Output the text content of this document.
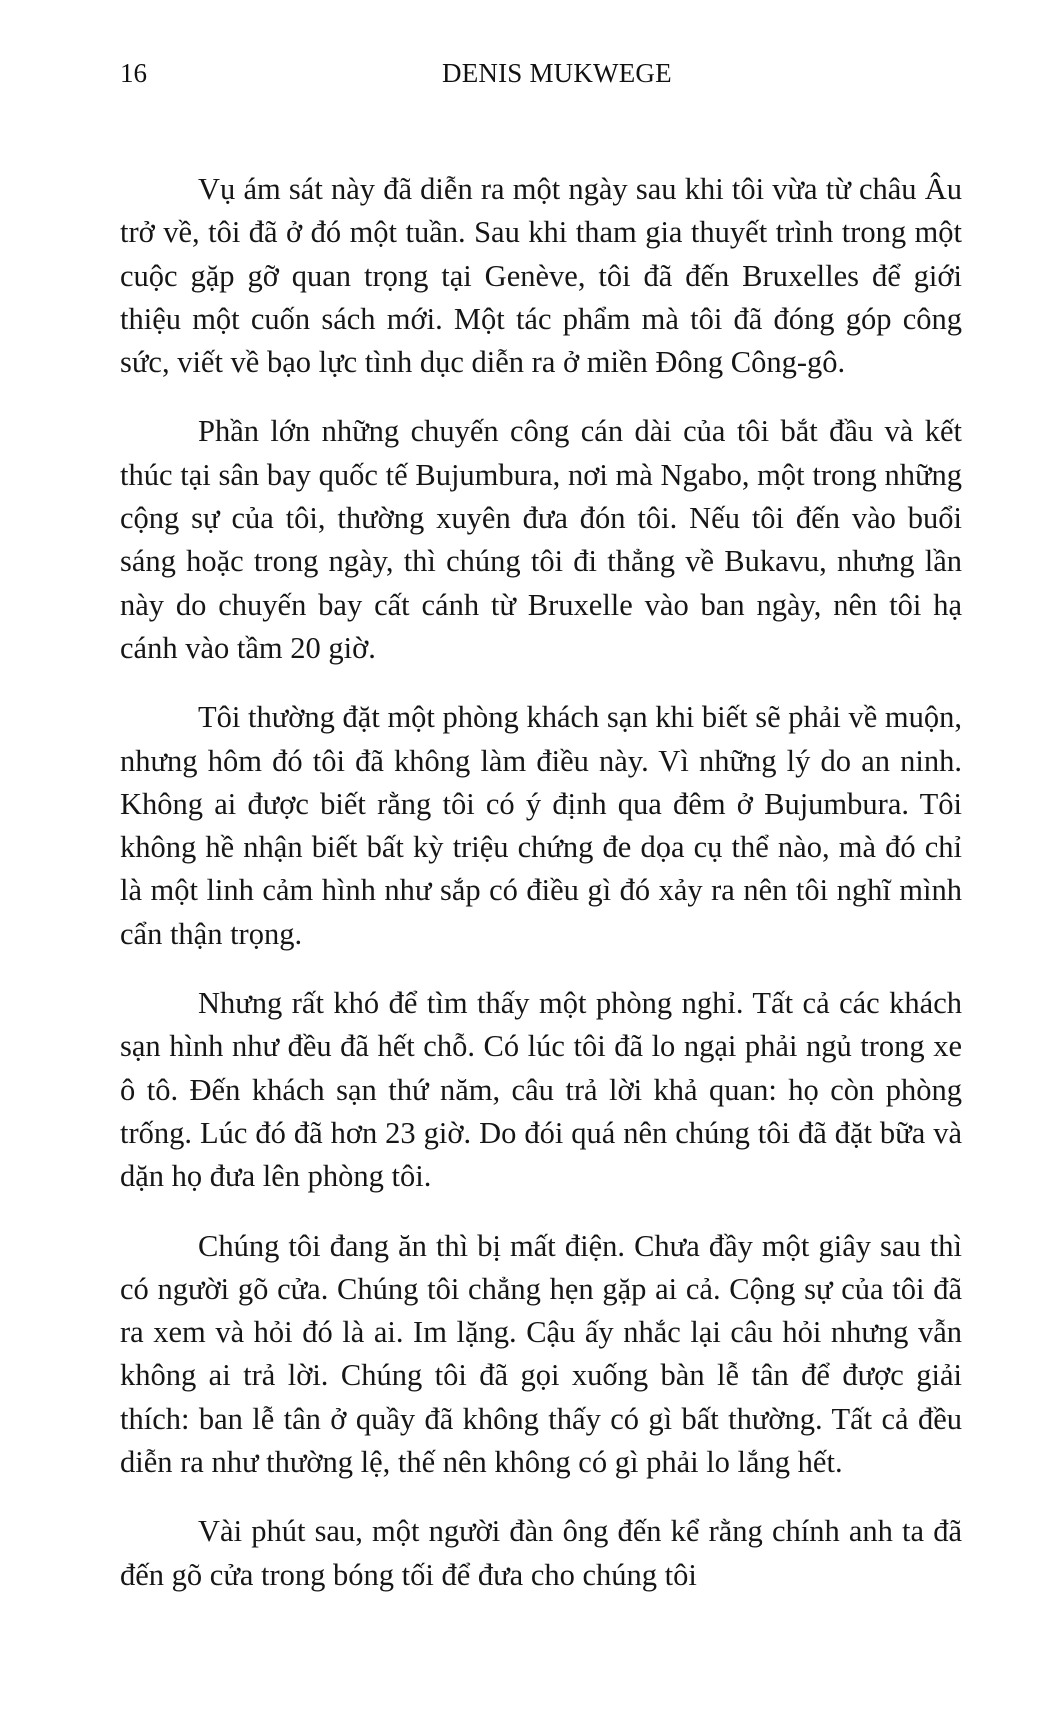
16	DENIS MUKWEGE

Vụ ám sát này đã diễn ra một ngày sau khi tôi vừa từ châu Âu trở về, tôi đã ở đó một tuần. Sau khi tham gia thuyết trình trong một cuộc gặp gỡ quan trọng tại Genève, tôi đã đến Bruxelles để giới thiệu một cuốn sách mới. Một tác phẩm mà tôi đã đóng góp công sức, viết về bạo lực tình dục diễn ra ở miền Đông Công-gô.

Phần lớn những chuyến công cán dài của tôi bắt đầu và kết thúc tại sân bay quốc tế Bujumbura, nơi mà Ngabo, một trong những cộng sự của tôi, thường xuyên đưa đón tôi. Nếu tôi đến vào buổi sáng hoặc trong ngày, thì chúng tôi đi thẳng về Bukavu, nhưng lần này do chuyến bay cất cánh từ Bruxelle vào ban ngày, nên tôi hạ cánh vào tầm 20 giờ.

Tôi thường đặt một phòng khách sạn khi biết sẽ phải về muộn, nhưng hôm đó tôi đã không làm điều này. Vì những lý do an ninh. Không ai được biết rằng tôi có ý định qua đêm ở Bujumbura. Tôi không hề nhận biết bất kỳ triệu chứng đe dọa cụ thể nào, mà đó chỉ là một linh cảm hình như sắp có điều gì đó xảy ra nên tôi nghĩ mình cẩn thận trọng.

Nhưng rất khó để tìm thấy một phòng nghỉ. Tất cả các khách sạn hình như đều đã hết chỗ. Có lúc tôi đã lo ngại phải ngủ trong xe ô tô. Đến khách sạn thứ năm, câu trả lời khả quan: họ còn phòng trống. Lúc đó đã hơn 23 giờ. Do đói quá nên chúng tôi đã đặt bữa và dặn họ đưa lên phòng tôi.

Chúng tôi đang ăn thì bị mất điện. Chưa đầy một giây sau thì có người gõ cửa. Chúng tôi chẳng hẹn gặp ai cả. Cộng sự của tôi đã ra xem và hỏi đó là ai. Im lặng. Cậu ấy nhắc lại câu hỏi nhưng vẫn không ai trả lời. Chúng tôi đã gọi xuống bàn lễ tân để được giải thích: ban lễ tân ở quầy đã không thấy có gì bất thường. Tất cả đều diễn ra như thường lệ, thế nên không có gì phải lo lắng hết.

Vài phút sau, một người đàn ông đến kể rằng chính anh ta đã đến gõ cửa trong bóng tối để đưa cho chúng tôi
